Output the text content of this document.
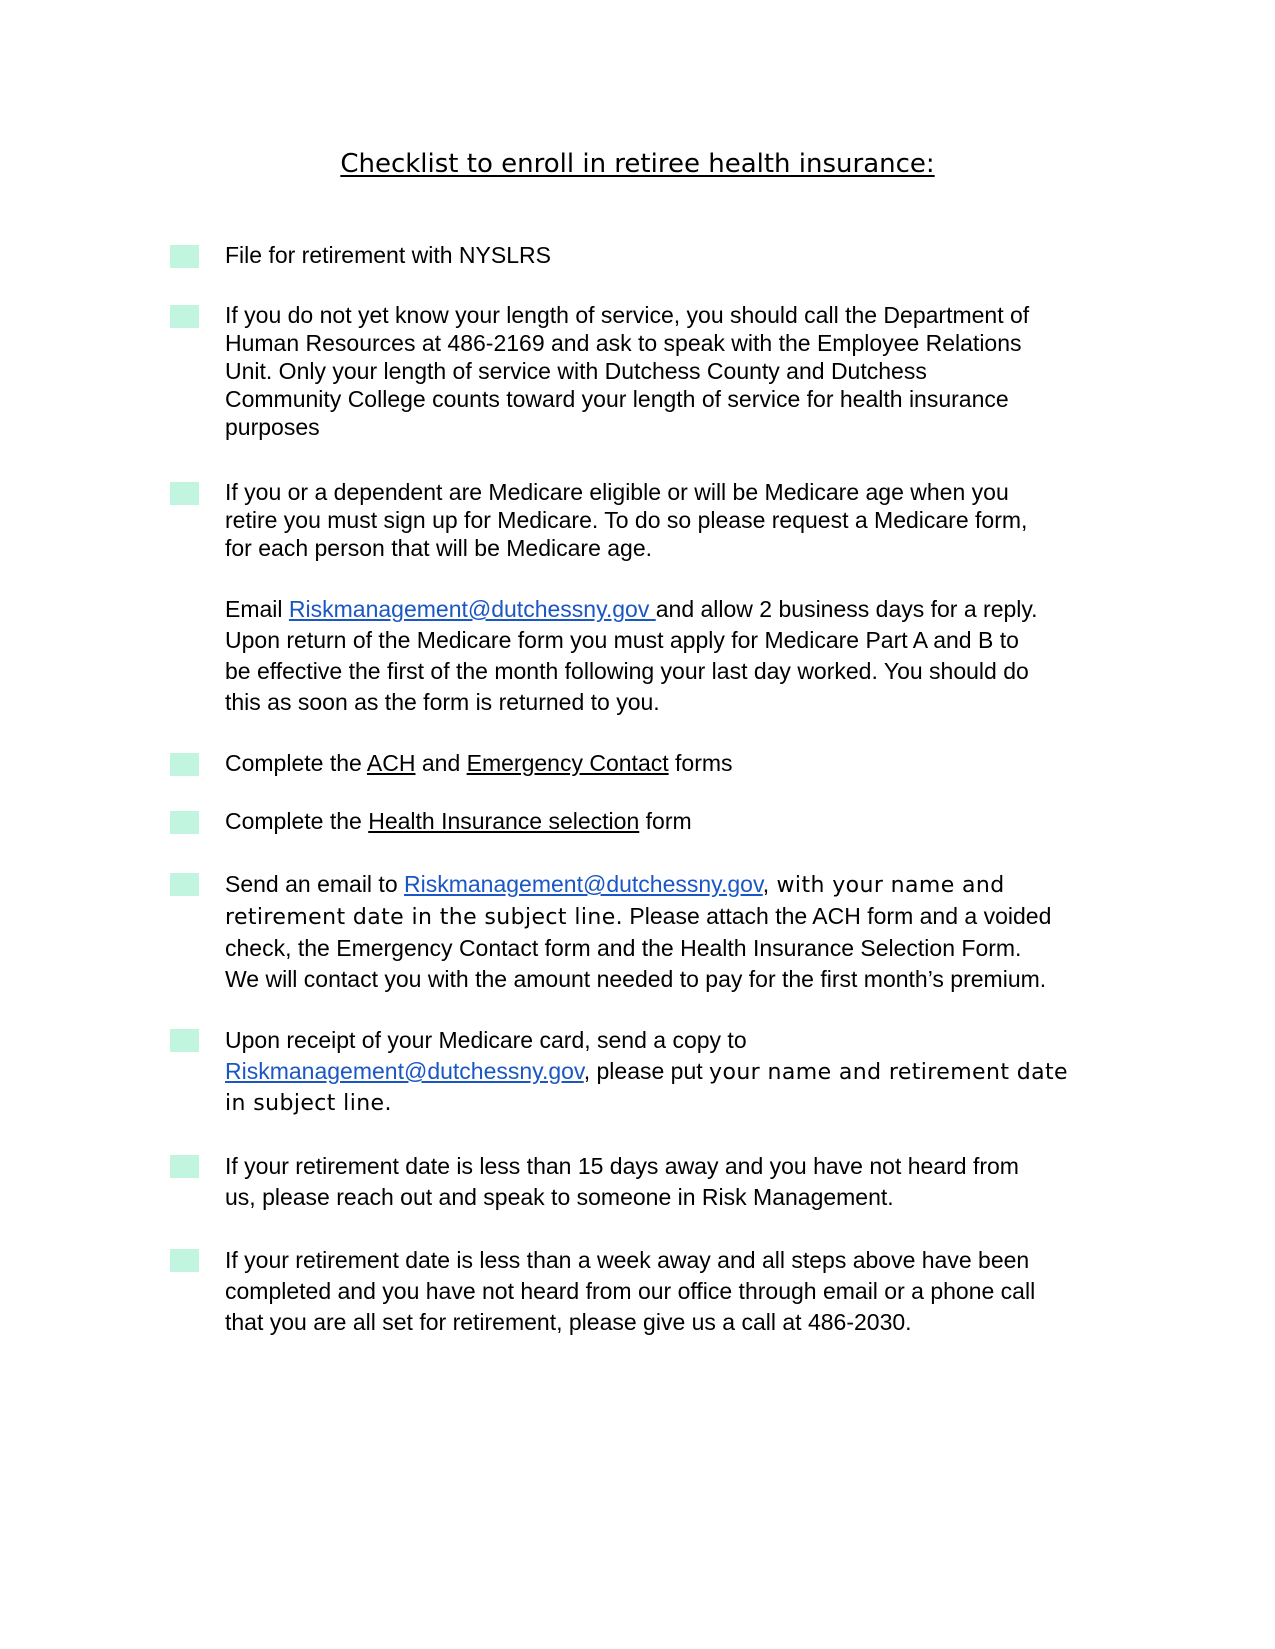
Checklist to enroll in retiree health insurance:
File for retirement with NYSLRS
If you do not yet know your length of service, you should call the Department of
Human Resources at 486-2169 and ask to speak with the Employee Relations
Unit. Only your length of service with Dutchess County and Dutchess
Community College counts toward your length of service for health insurance
purposes
If you or a dependent are Medicare eligible or will be Medicare age when you
retire you must sign up for Medicare. To do so please request a Medicare form,
for each person that will be Medicare age.
Email Riskmanagement@dutchessny.gov and allow 2 business days for a reply.
Upon return of the Medicare form you must apply for Medicare Part A and B to
be effective the first of the month following your last day worked. You should do
this as soon as the form is returned to you.
Complete the ACH and Emergency Contact forms
Complete the Health Insurance selection form
Send an email to Riskmanagement@dutchessny.gov, with your name and
retirement date in the subject line. Please attach the ACH form and a voided
check, the Emergency Contact form and the Health Insurance Selection Form.
We will contact you with the amount needed to pay for the first month’s premium.
Upon receipt of your Medicare card, send a copy to
Riskmanagement@dutchessny.gov, please put your name and retirement date
in subject line.
If your retirement date is less than 15 days away and you have not heard from
us, please reach out and speak to someone in Risk Management.
If your retirement date is less than a week away and all steps above have been
completed and you have not heard from our office through email or a phone call
that you are all set for retirement, please give us a call at 486-2030.
